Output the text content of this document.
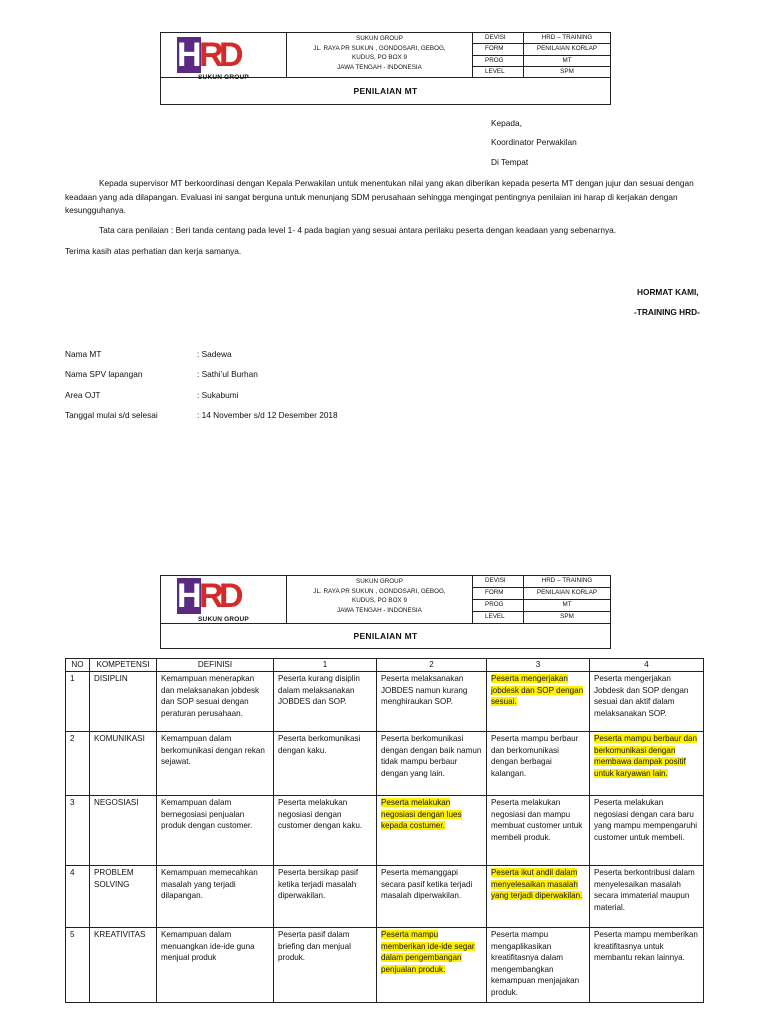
H
R
D
SUKUN GROUP
SUKUN GROUP
JL. RAYA PR SUKUN , GONDOSARI, GEBOG,
KUDUS, PO BOX 9
JAWA TENGAH - INDONESIA
DEVISI	HRD – TRAINING
FORM	PENILAIAN KORLAP
PROG	MT
LEVEL	SPM
PENILAIAN MT
Kepada,
Koordinator Perwakilan
Di Tempat
Kepada supervisor MT berkoordinasi dengan Kepala Perwakilan untuk menentukan nilai yang akan diberikan kepada peserta MT dengan jujur dan sesuai dengan keadaan yang ada dilapangan. Evaluasi ini sangat berguna untuk menunjang SDM perusahaan sehingga mengingat pentingnya penilaian ini harap di kerjakan dengan kesungguhanya.
Tata cara penilaian : Beri tanda centang pada level 1- 4 pada bagian yang sesuai antara perilaku peserta dengan keadaan yang sebenarnya.
Terima kasih atas perhatian dan kerja samanya.
HORMAT KAMI,
-TRAINING HRD-
Nama MT	: Sadewa
Nama SPV lapangan	: Sathi’ul Burhan
Area OJT	: Sukabumi
Tanggal mulai s/d selesai	: 14 November s/d 12 Desember 2018
H
R
D
SUKUN GROUP
SUKUN GROUP
JL. RAYA PR SUKUN , GONDOSARI, GEBOG,
KUDUS, PO BOX 9
JAWA TENGAH - INDONESIA
DEVISI	HRD – TRAINING
FORM	PENILAIAN KORLAP
PROG	MT
LEVEL	SPM
PENILAIAN MT
NO	KOMPETENSI	DEFINISI	1	2	3	4
1	DISIPLIN	Kemampuan menerapkan dan melaksanakan jobdesk dan SOP sesuai dengan peraturan perusahaan.	Peserta kurang disiplin dalam melaksanakan JOBDES dan SOP.	Peserta melaksanakan JOBDES namun kurang menghiraukan SOP.	Peserta mengerjakan jobdesk dan SOP dengan sesuai.	Peserta mengerjakan Jobdesk dan SOP dengan sesuai dan aktif dalam melaksanakan SOP.
2	KOMUNIKASI	Kemampuan dalam berkomunikasi dengan rekan sejawat.	Peserta berkomunikasi dengan kaku.	Peserta berkomunikasi dengan dengan baik namun tidak mampu berbaur dengan yang lain.	Peserta mampu berbaur dan berkomunikasi dengan berbagai kalangan.	Peserta mampu berbaur dan berkomunikasi dengan membawa dampak positif untuk karyawan lain.
3	NEGOSIASI	Kemampuan dalam bernegosiasi penjualan produk dengan customer.	Peserta melakukan negosiasi dengan customer dengan kaku.	Peserta melakukan negosiasi dengan lues kepada costumer.	Peserta melakukan negosiasi dan mampu membuat customer untuk membeli produk.	Peserta melakukan negosiasi dengan cara baru yang mampu mempengaruhi customer untuk membeli.
4	PROBLEM SOLVING	Kemampuan memecahkan masalah yang terjadi dilapangan.	Peserta bersikap pasif ketika terjadi masalah diperwakilan.	Peserta memanggapi secara pasif ketika terjadi masalah diperwakilan.	Peserta ikut andil dalam menyelesaikan masalah yang terjadi diperwakilan.	Peserta berkontribusi dalam menyelesaikan masalah secara immaterial maupun material.
5	KREATIVITAS	Kemampuan dalam menuangkan ide-ide guna menjual produk	Peserta pasif dalam briefing dan menjual produk.	Peserta mampu memberikan ide-ide segar dalam pengembangan penjualan produk.	Peserta mampu mengaplikasikan kreatifitasnya dalam mengembangkan kemampuan menjajakan produk.	Peserta mampu memberikan kreatifitasnya untuk membantu rekan lainnya.
